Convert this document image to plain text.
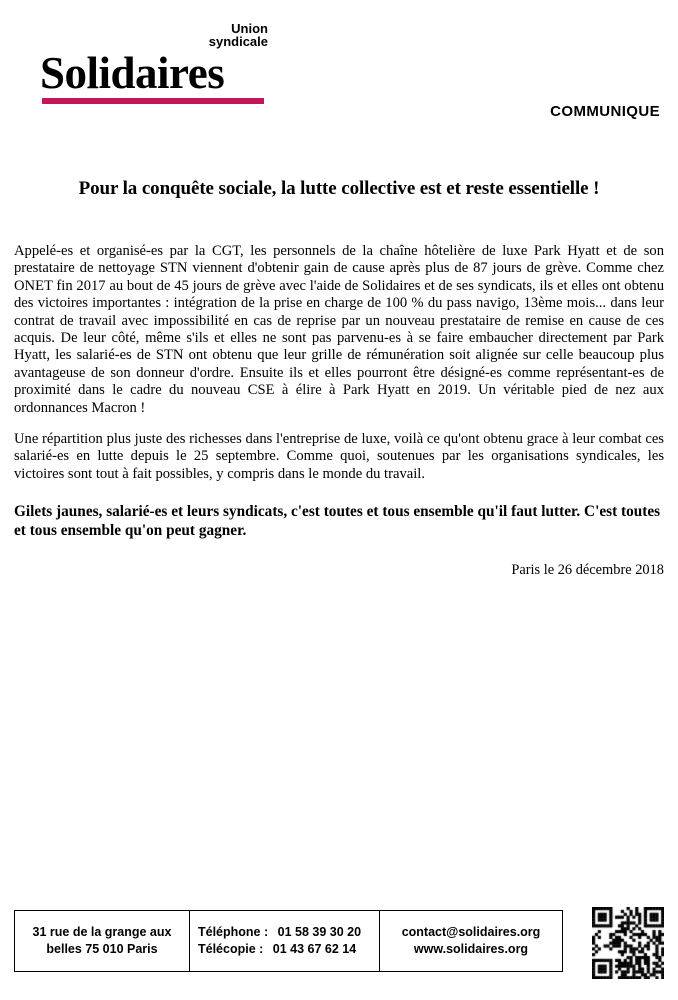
Union
syndicale
Solidaires
COMMUNIQUE
Pour la conquête sociale, la lutte collective est et reste essentielle !

Appelé-es et organisé-es par la CGT, les personnels de la chaîne hôtelière de luxe Park Hyatt et de son prestataire de nettoyage STN viennent d'obtenir gain de cause après plus de 87 jours de grève. Comme chez ONET fin 2017 au bout de 45 jours de grève avec l'aide de Solidaires et de ses syndicats, ils et elles ont obtenu des victoires importantes : intégration de la prise en charge de 100 % du pass navigo, 13ème mois... dans leur contrat de travail avec impossibilité en cas de reprise par un nouveau prestataire de remise en cause de ces acquis. De leur côté, même s'ils et elles ne sont pas parvenu-es à se faire embaucher directement par Park Hyatt, les salarié-es de STN ont obtenu que leur grille de rémunération soit alignée sur celle beaucoup plus avantageuse de son donneur d'ordre. Ensuite ils et elles pourront être désigné-es comme représentant-es de proximité dans le cadre du nouveau CSE à élire à Park Hyatt en 2019. Un véritable pied de nez aux ordonnances Macron !

Une répartition plus juste des richesses dans l'entreprise de luxe, voilà ce qu'ont obtenu grace à leur combat ces salarié-es en lutte depuis le 25 septembre. Comme quoi, soutenues par les organisations syndicales, les victoires sont tout à fait possibles, y compris dans le monde du travail.

Gilets jaunes, salarié-es et leurs syndicats, c'est toutes et tous ensemble qu'il faut lutter. C'est toutes et tous ensemble qu'on peut gagner.

Paris le 26 décembre 2018
31 rue de la grange aux
belles 75 010 Paris
Téléphone : 01 58 39 30 20
Télécopie : 01 43 67 62 14
contact@solidaires.org
www.solidaires.org
